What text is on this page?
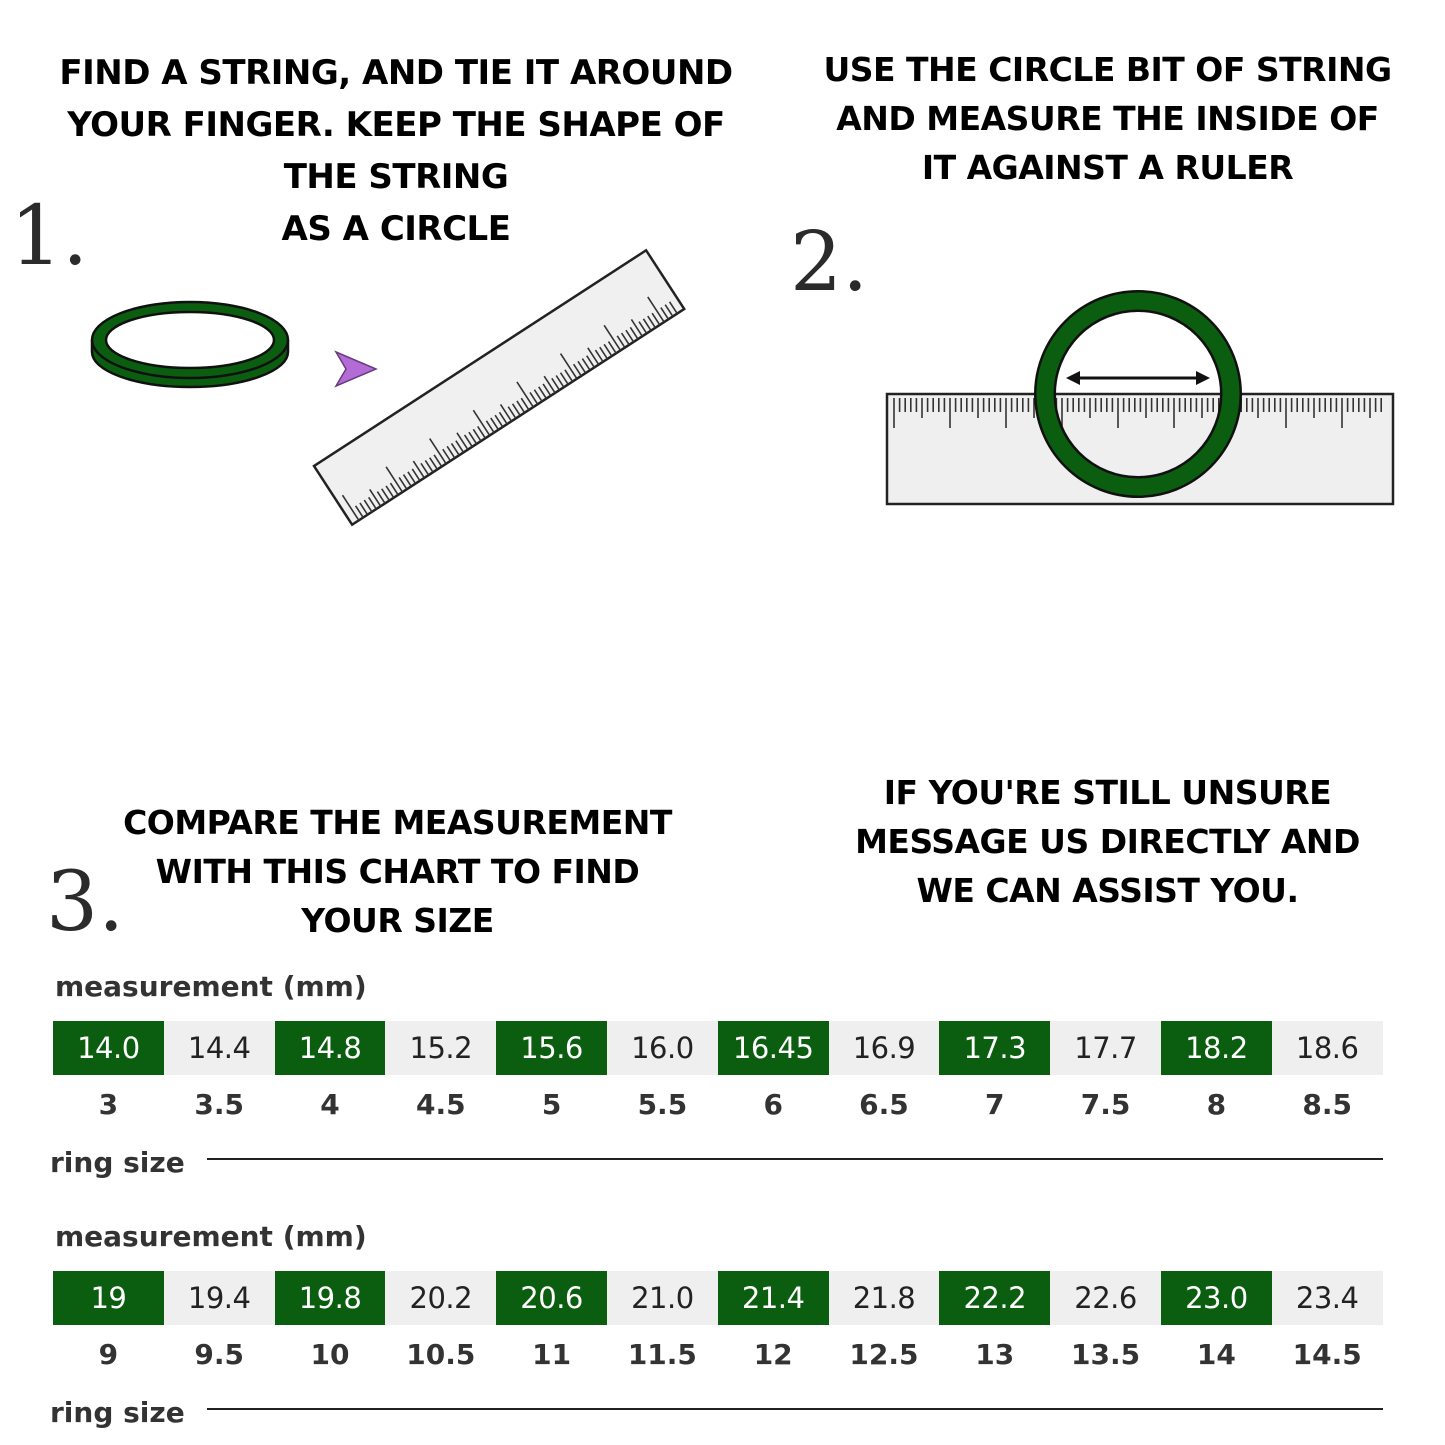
1.
FIND A STRING, AND TIE IT AROUND
YOUR FINGER. KEEP THE SHAPE OF
THE STRING
AS A CIRCLE
USE THE CIRCLE BIT OF STRING
AND MEASURE THE INSIDE OF
IT AGAINST A RULER
2.
3.
COMPARE THE MEASUREMENT
WITH THIS CHART TO FIND
YOUR SIZE
IF YOU'RE STILL UNSURE
MESSAGE US DIRECTLY AND
WE CAN ASSIST YOU.
measurement (mm)
14.0	14.4	14.8	15.2	15.6	16.0	16.45	16.9	17.3	17.7	18.2	18.6
3	3.5	4	4.5	5	5.5	6	6.5	7	7.5	8	8.5
ring size
measurement (mm)
19	19.4	19.8	20.2	20.6	21.0	21.4	21.8	22.2	22.6	23.0	23.4
9	9.5	10	10.5	11	11.5	12	12.5	13	13.5	14	14.5
ring size
